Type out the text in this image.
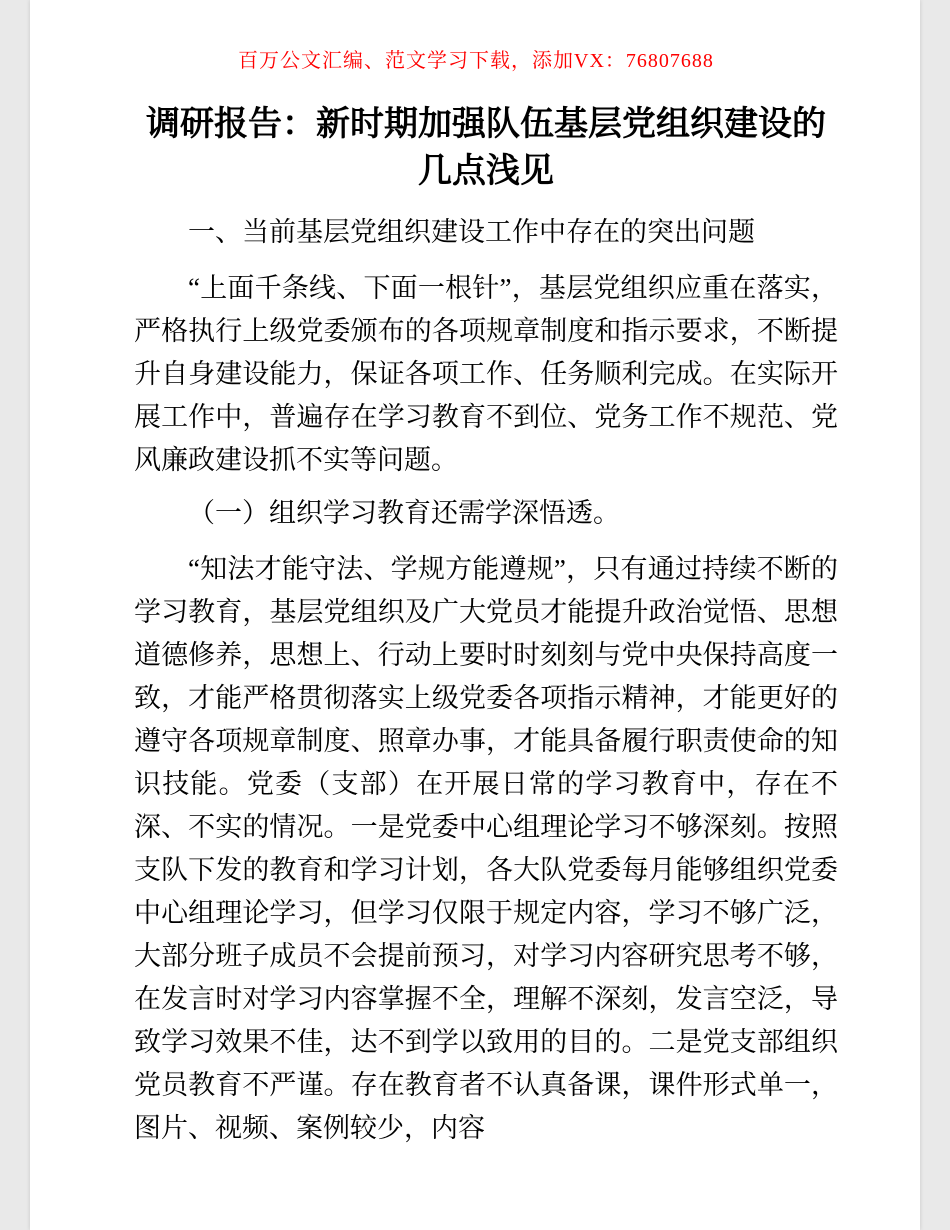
百万公文汇编、范文学习下载，添加VX：76807688
调研报告：新时期加强队伍基层党组织建设的几点浅见

一、当前基层党组织建设工作中存在的突出问题

“上面千条线、下面一根针”，基层党组织应重在落实，严格执行上级党委颁布的各项规章制度和指示要求，不断提升自身建设能力，保证各项工作、任务顺利完成。在实际开展工作中，普遍存在学习教育不到位、党务工作不规范、党风廉政建设抓不实等问题。

（一）组织学习教育还需学深悟透。

“知法才能守法、学规方能遵规”，只有通过持续不断的学习教育，基层党组织及广大党员才能提升政治觉悟、思想道德修养，思想上、行动上要时时刻刻与党中央保持高度一致，才能严格贯彻落实上级党委各项指示精神，才能更好的遵守各项规章制度、照章办事，才能具备履行职责使命的知识技能。党委（支部）在开展日常的学习教育中，存在不深、不实的情况。一是党委中心组理论学习不够深刻。按照支队下发的教育和学习计划，各大队党委每月能够组织党委中心组理论学习，但学习仅限于规定内容，学习不够广泛，大部分班子成员不会提前预习，对学习内容研究思考不够，在发言时对学习内容掌握不全，理解不深刻，发言空泛，导致学习效果不佳，达不到学以致用的目的。二是党支部组织党员教育不严谨。存在教育者不认真备课，课件形式单一，图片、视频、案例较少，内容
